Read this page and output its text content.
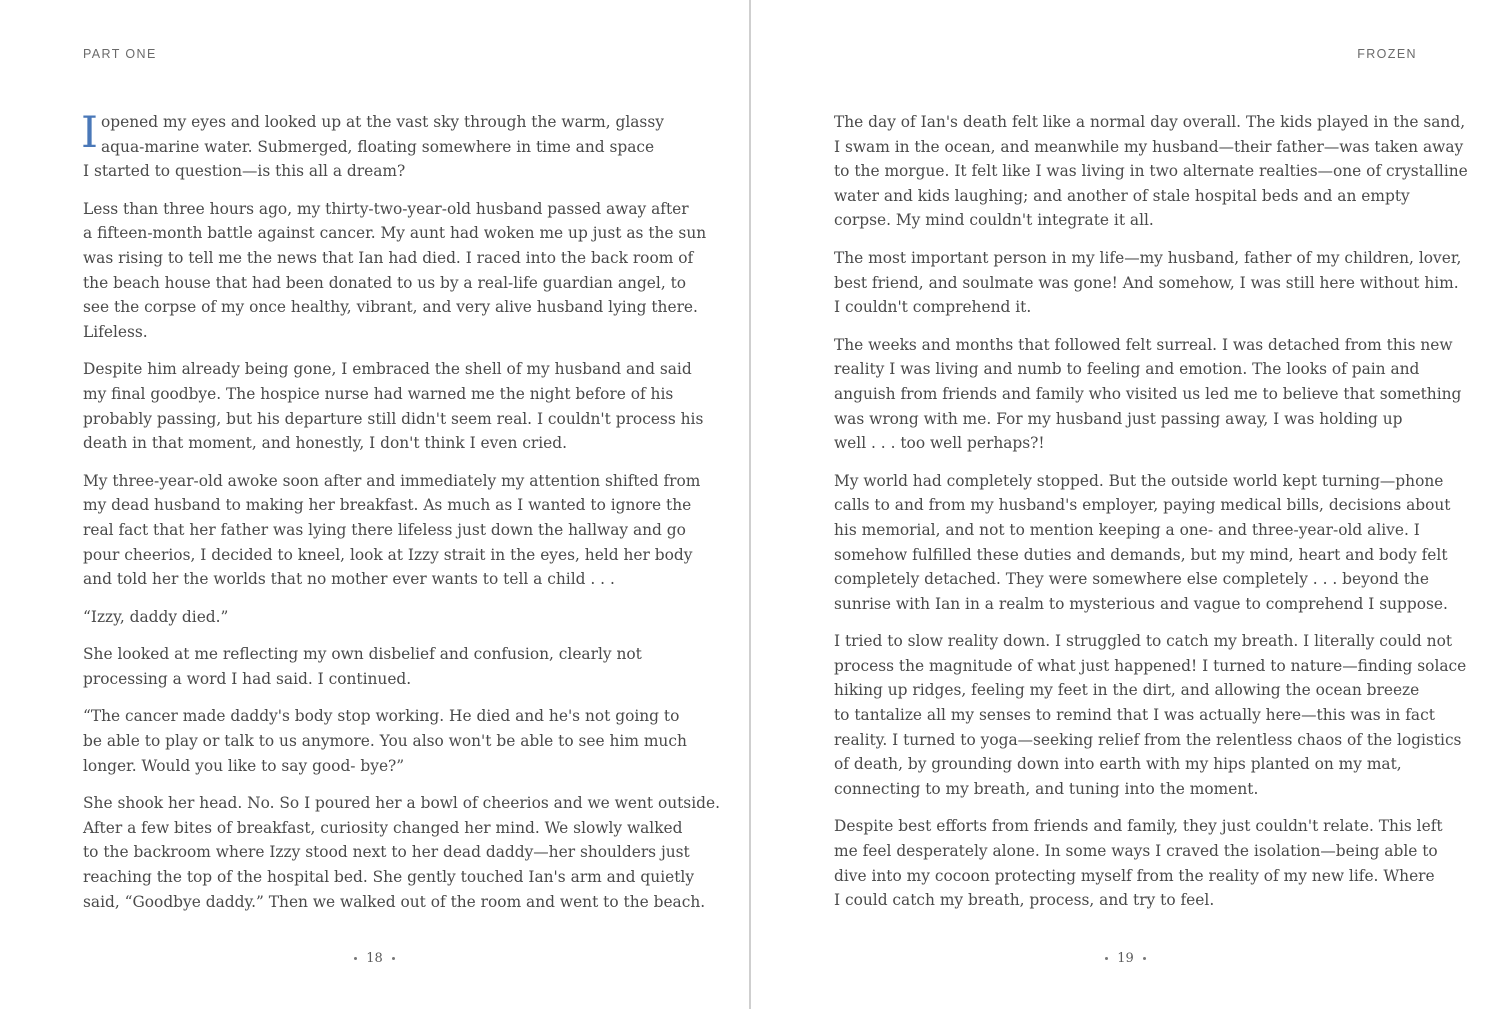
PART ONE
I opened my eyes and looked up at the vast sky through the warm, glassy
aqua-marine water. Submerged, floating somewhere in time and space
I started to question—is this all a dream?
Less than three hours ago, my thirty-two-year-old husband passed away after
a fifteen-month battle against cancer. My aunt had woken me up just as the sun
was rising to tell me the news that Ian had died. I raced into the back room of
the beach house that had been donated to us by a real-life guardian angel, to
see the corpse of my once healthy, vibrant, and very alive husband lying there.
Lifeless.
Despite him already being gone, I embraced the shell of my husband and said
my final goodbye. The hospice nurse had warned me the night before of his
probably passing, but his departure still didn't seem real. I couldn't process his
death in that moment, and honestly, I don't think I even cried.
My three-year-old awoke soon after and immediately my attention shifted from
my dead husband to making her breakfast. As much as I wanted to ignore the
real fact that her father was lying there lifeless just down the hallway and go
pour cheerios, I decided to kneel, look at Izzy strait in the eyes, held her body
and told her the worlds that no mother ever wants to tell a child . . .
“Izzy, daddy died.”
She looked at me reflecting my own disbelief and confusion, clearly not
processing a word I had said. I continued.
“The cancer made daddy's body stop working. He died and he's not going to
be able to play or talk to us anymore. You also won't be able to see him much
longer. Would you like to say good- bye?”
She shook her head. No. So I poured her a bowl of cheerios and we went outside.
After a few bites of breakfast, curiosity changed her mind. We slowly walked
to the backroom where Izzy stood next to her dead daddy—her shoulders just
reaching the top of the hospital bed. She gently touched Ian's arm and quietly
said, “Goodbye daddy.” Then we walked out of the room and went to the beach.
18
FROZEN
The day of Ian's death felt like a normal day overall. The kids played in the sand,
I swam in the ocean, and meanwhile my husband—their father—was taken away
to the morgue. It felt like I was living in two alternate realties—one of crystalline
water and kids laughing; and another of stale hospital beds and an empty
corpse. My mind couldn't integrate it all.
The most important person in my life—my husband, father of my children, lover,
best friend, and soulmate was gone! And somehow, I was still here without him.
I couldn't comprehend it.
The weeks and months that followed felt surreal. I was detached from this new
reality I was living and numb to feeling and emotion. The looks of pain and
anguish from friends and family who visited us led me to believe that something
was wrong with me. For my husband just passing away, I was holding up
well . . . too well perhaps?!
My world had completely stopped. But the outside world kept turning—phone
calls to and from my husband's employer, paying medical bills, decisions about
his memorial, and not to mention keeping a one- and three-year-old alive. I
somehow fulfilled these duties and demands, but my mind, heart and body felt
completely detached. They were somewhere else completely . . . beyond the
sunrise with Ian in a realm to mysterious and vague to comprehend I suppose.
I tried to slow reality down. I struggled to catch my breath. I literally could not
process the magnitude of what just happened! I turned to nature—finding solace
hiking up ridges, feeling my feet in the dirt, and allowing the ocean breeze
to tantalize all my senses to remind that I was actually here—this was in fact
reality. I turned to yoga—seeking relief from the relentless chaos of the logistics
of death, by grounding down into earth with my hips planted on my mat,
connecting to my breath, and tuning into the moment.
Despite best efforts from friends and family, they just couldn't relate. This left
me feel desperately alone. In some ways I craved the isolation—being able to
dive into my cocoon protecting myself from the reality of my new life. Where
I could catch my breath, process, and try to feel.
19
